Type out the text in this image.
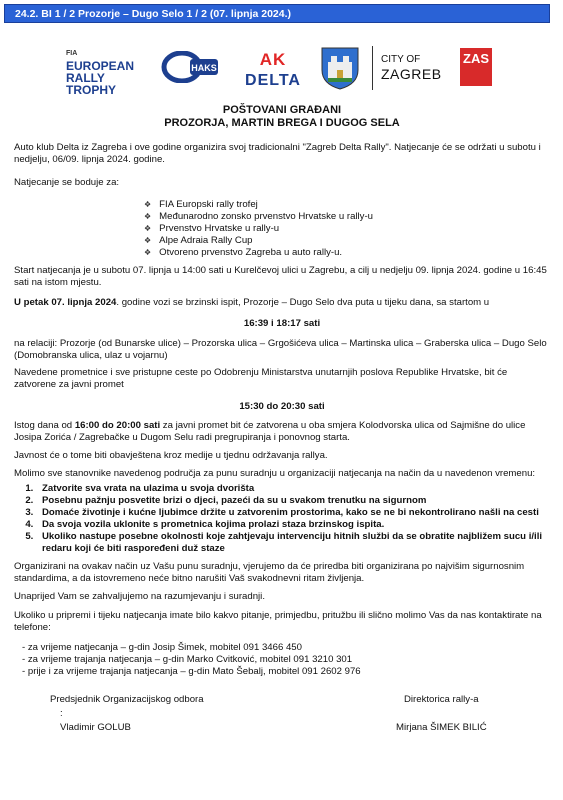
24.2. BI 1 / 2 Prozorje – Dugo Selo 1 / 2 (07. lipnja 2024.)
FIA
EUROPEAN
RALLY
TROPHY
HAKS	AK
DELTA
CITY OF
ZAGREB
ZAS
POŠTOVANI GRAĐANI
PROZORJA, MARTIN BREGA I DUGOG SELA

Auto klub Delta iz Zagreba i ove godine organizira svoj tradicionalni "Zagreb Delta Rally". Natjecanje će se održati u subotu i nedjelju, 06/09. lipnja 2024. godine.

Natjecanje se boduje za:

❖ FIA Europski rally trofej
❖ Međunarodno zonsko prvenstvo Hrvatske u rally-u
❖ Prvenstvo Hrvatske u rally-u
❖ Alpe Adraia Rally Cup
❖ Otvoreno prvenstvo Zagreba u auto rally-u.

Start natjecanja je u subotu 07. lipnja u 14:00 sati u Kurelčevoj ulici u Zagrebu, a cilj u nedjelju 09. lipnja 2024. godine u 16:45 sati na istom mjestu.

U petak 07. lipnja 2024. godine vozi se brzinski ispit, Prozorje – Dugo Selo dva puta u tijeku dana, sa startom u

16:39 i 18:17 sati

na relaciji: Prozorje (od Bunarske ulice) – Prozorska ulica – Grgošićeva ulica – Martinska ulica – Graberska ulica – Dugo Selo (Domobranska ulica, ulaz u vojarnu)

Navedene prometnice i sve pristupne ceste po Odobrenju Ministarstva unutarnjih poslova Republike Hrvatske, bit će zatvorene za javni promet

15:30 do 20:30 sati

Istog dana od 16:00 do 20:00 sati za javni promet bit će zatvorena u oba smjera Kolodvorska ulica od Sajmišne do ulice Josipa Zorića / Zagrebačke u Dugom Selu radi pregrupiranja i ponovnog starta.

Javnost će o tome biti obavještena kroz medije u tjednu održavanja rallya.

Molimo sve stanovnike navedenog područja za punu suradnju u organizaciji natjecanja na način da u navedenon vremenu:

1. Zatvorite sva vrata na ulazima u svoja dvorišta
2. Posebnu pažnju posvetite brizi o djeci, pazeći da su u svakom trenutku na sigurnom
3. Domaće životinje i kućne ljubimce držite u zatvorenim prostorima, kako se ne bi nekontrolirano našli na cesti
4. Da svoja vozila uklonite s prometnica kojima prolazi staza brzinskog ispita.
5. Ukoliko nastupe posebne okolnosti koje zahtjevaju intervenciju hitnih službi da se obratite najbližem sucu i/ili redaru koji će biti raspoređeni duž staze

Organizirani na ovakav način uz Vašu punu suradnju, vjerujemo da će priredba biti organizirana po najvišim sigurnosnim standardima, a da istovremeno neće bitno narušiti Vaš svakodnevni ritam življenja.

Unaprijed Vam se zahvaljujemo na razumjevanju i suradnji.

Ukoliko u pripremi i tijeku natjecanja imate bilo kakvo pitanje, primjedbu, pritužbu ili slično molimo Vas da nas kontaktirate na telefone:

- za vrijeme natjecanja – g-din Josip Šimek, mobitel 091 3466 450
- za vrijeme trajanja natjecanja – g-din Marko Cvitković, mobitel 091 3210 301
- prije i za vrijeme trajanja natjecanja – g-din Mato Šebalj, mobitel 091 2602 976
Predsjednik Organizacijskog odbora
:
Vladimir GOLUB
Direktorica rally-a
Mirjana ŠIMEK BILIĆ
